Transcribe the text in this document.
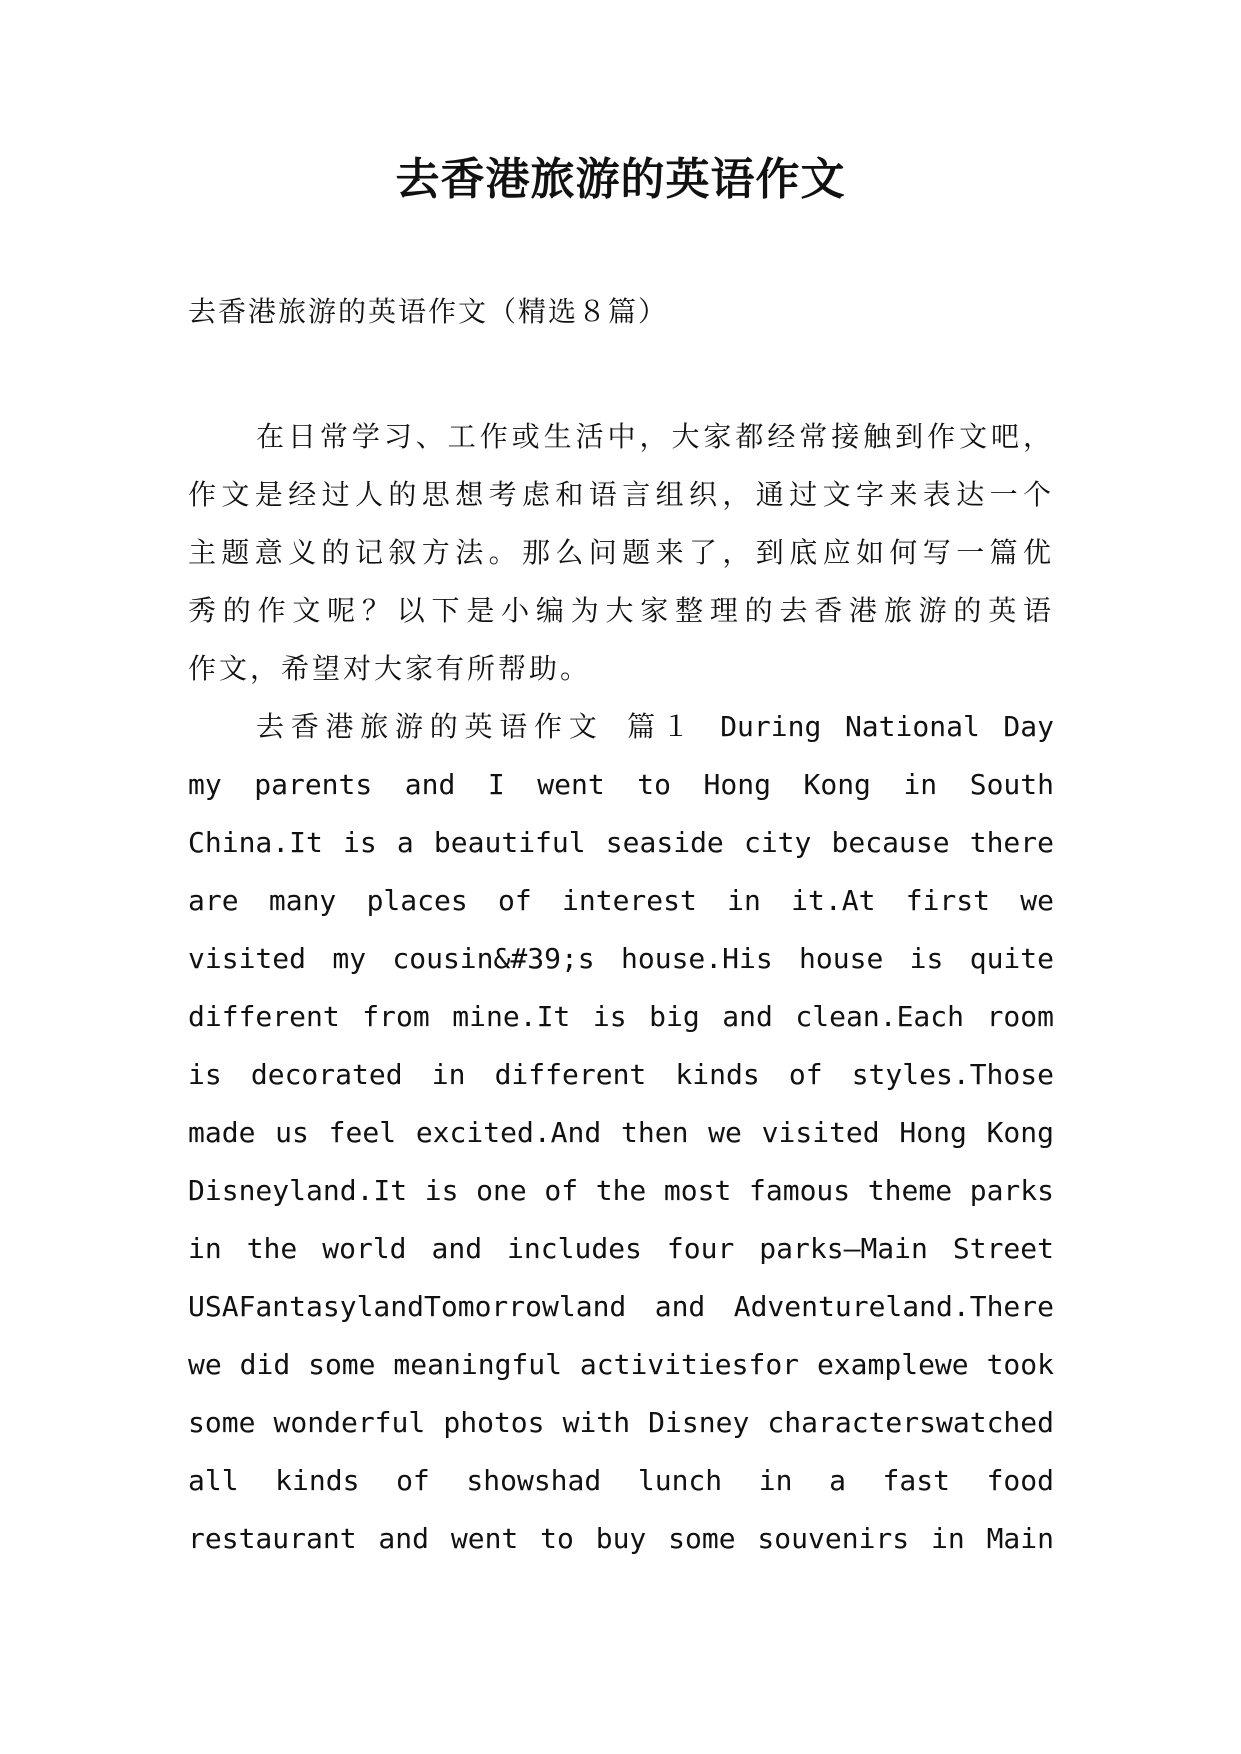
去香港旅游的英语作文
去香港旅游的英语作文（精选８篇）
在日常学习、工作或生活中，大家都经常接触到作文吧，
作文是经过人的思想考虑和语言组织，通过文字来表达一个
主题意义的记叙方法。那么问题来了，到底应如何写一篇优
秀的作文呢？以下是小编为大家整理的去香港旅游的英语
作文，希望对大家有所帮助。
去香港旅游的英语作文 篇１ During National Day
my parents and I went to Hong Kong in South
China.It is a beautiful seaside city because there
are many places of interest in it.At first we
visited my cousin&#39;s house.His house is quite
different from mine.It is big and clean.Each room
is decorated in different kinds of styles.Those
made us feel excited.And then we visited Hong Kong
Disneyland.It is one of the most famous theme parks
in the world and includes four parks—Main Street
USAFantasylandTomorrowland and Adventureland.There
we did some meaningful activitiesfor examplewe took
some wonderful photos with Disney characterswatched
all kinds of showshad lunch in a fast food
restaurant and went to buy some souvenirs in Main
